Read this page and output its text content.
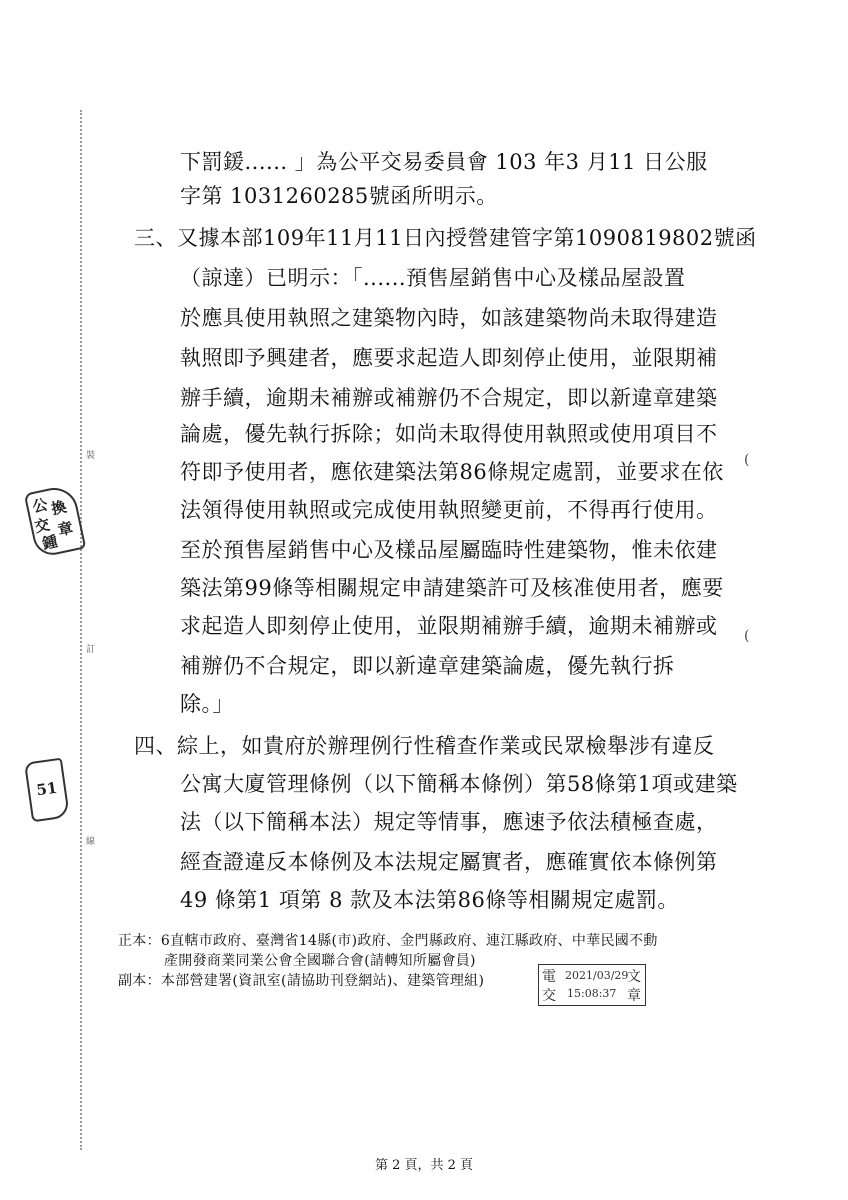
裝
訂
線
公 換
交
鍾
章
51
下罰鍰...... 」為公平交易委員會 103 年3 月11 日公服
字第 1031260285號函所明示。
三、又據本部109年11月11日內授營建管字第1090819802號函
（諒達）已明示：「......預售屋銷售中心及樣品屋設置
於應具使用執照之建築物內時，如該建築物尚未取得建造
執照即予興建者，應要求起造人即刻停止使用，並限期補
辦手續，逾期未補辦或補辦仍不合規定，即以新違章建築
論處，優先執行拆除；如尚未取得使用執照或使用項目不
符即予使用者，應依建築法第86條規定處罰，並要求在依
法領得使用執照或完成使用執照變更前，不得再行使用。
至於預售屋銷售中心及樣品屋屬臨時性建築物，惟未依建
築法第99條等相關規定申請建築許可及核准使用者，應要
求起造人即刻停止使用，並限期補辦手續，逾期未補辦或
補辦仍不合規定，即以新違章建築論處，優先執行拆
除。」
四、綜上，如貴府於辦理例行性稽查作業或民眾檢舉涉有違反
公寓大廈管理條例（以下簡稱本條例）第58條第1項或建築
法（以下簡稱本法）規定等情事，應速予依法積極查處，
經查證違反本條例及本法規定屬實者，應確實依本條例第
49 條第1 項第 8 款及本法第86條等相關規定處罰。
(
(
正本：6直轄市政府、臺灣省14縣(市)政府、金門縣政府、連江縣政府、中華民國不動
產開發商業同業公會全國聯合會(請轉知所屬會員)
副本：本部營建署(資訊室(請協助刊登網站)、建築管理組)	電
交
文
章
2021/03/29
15:08:37
第 2 頁，共 2 頁
